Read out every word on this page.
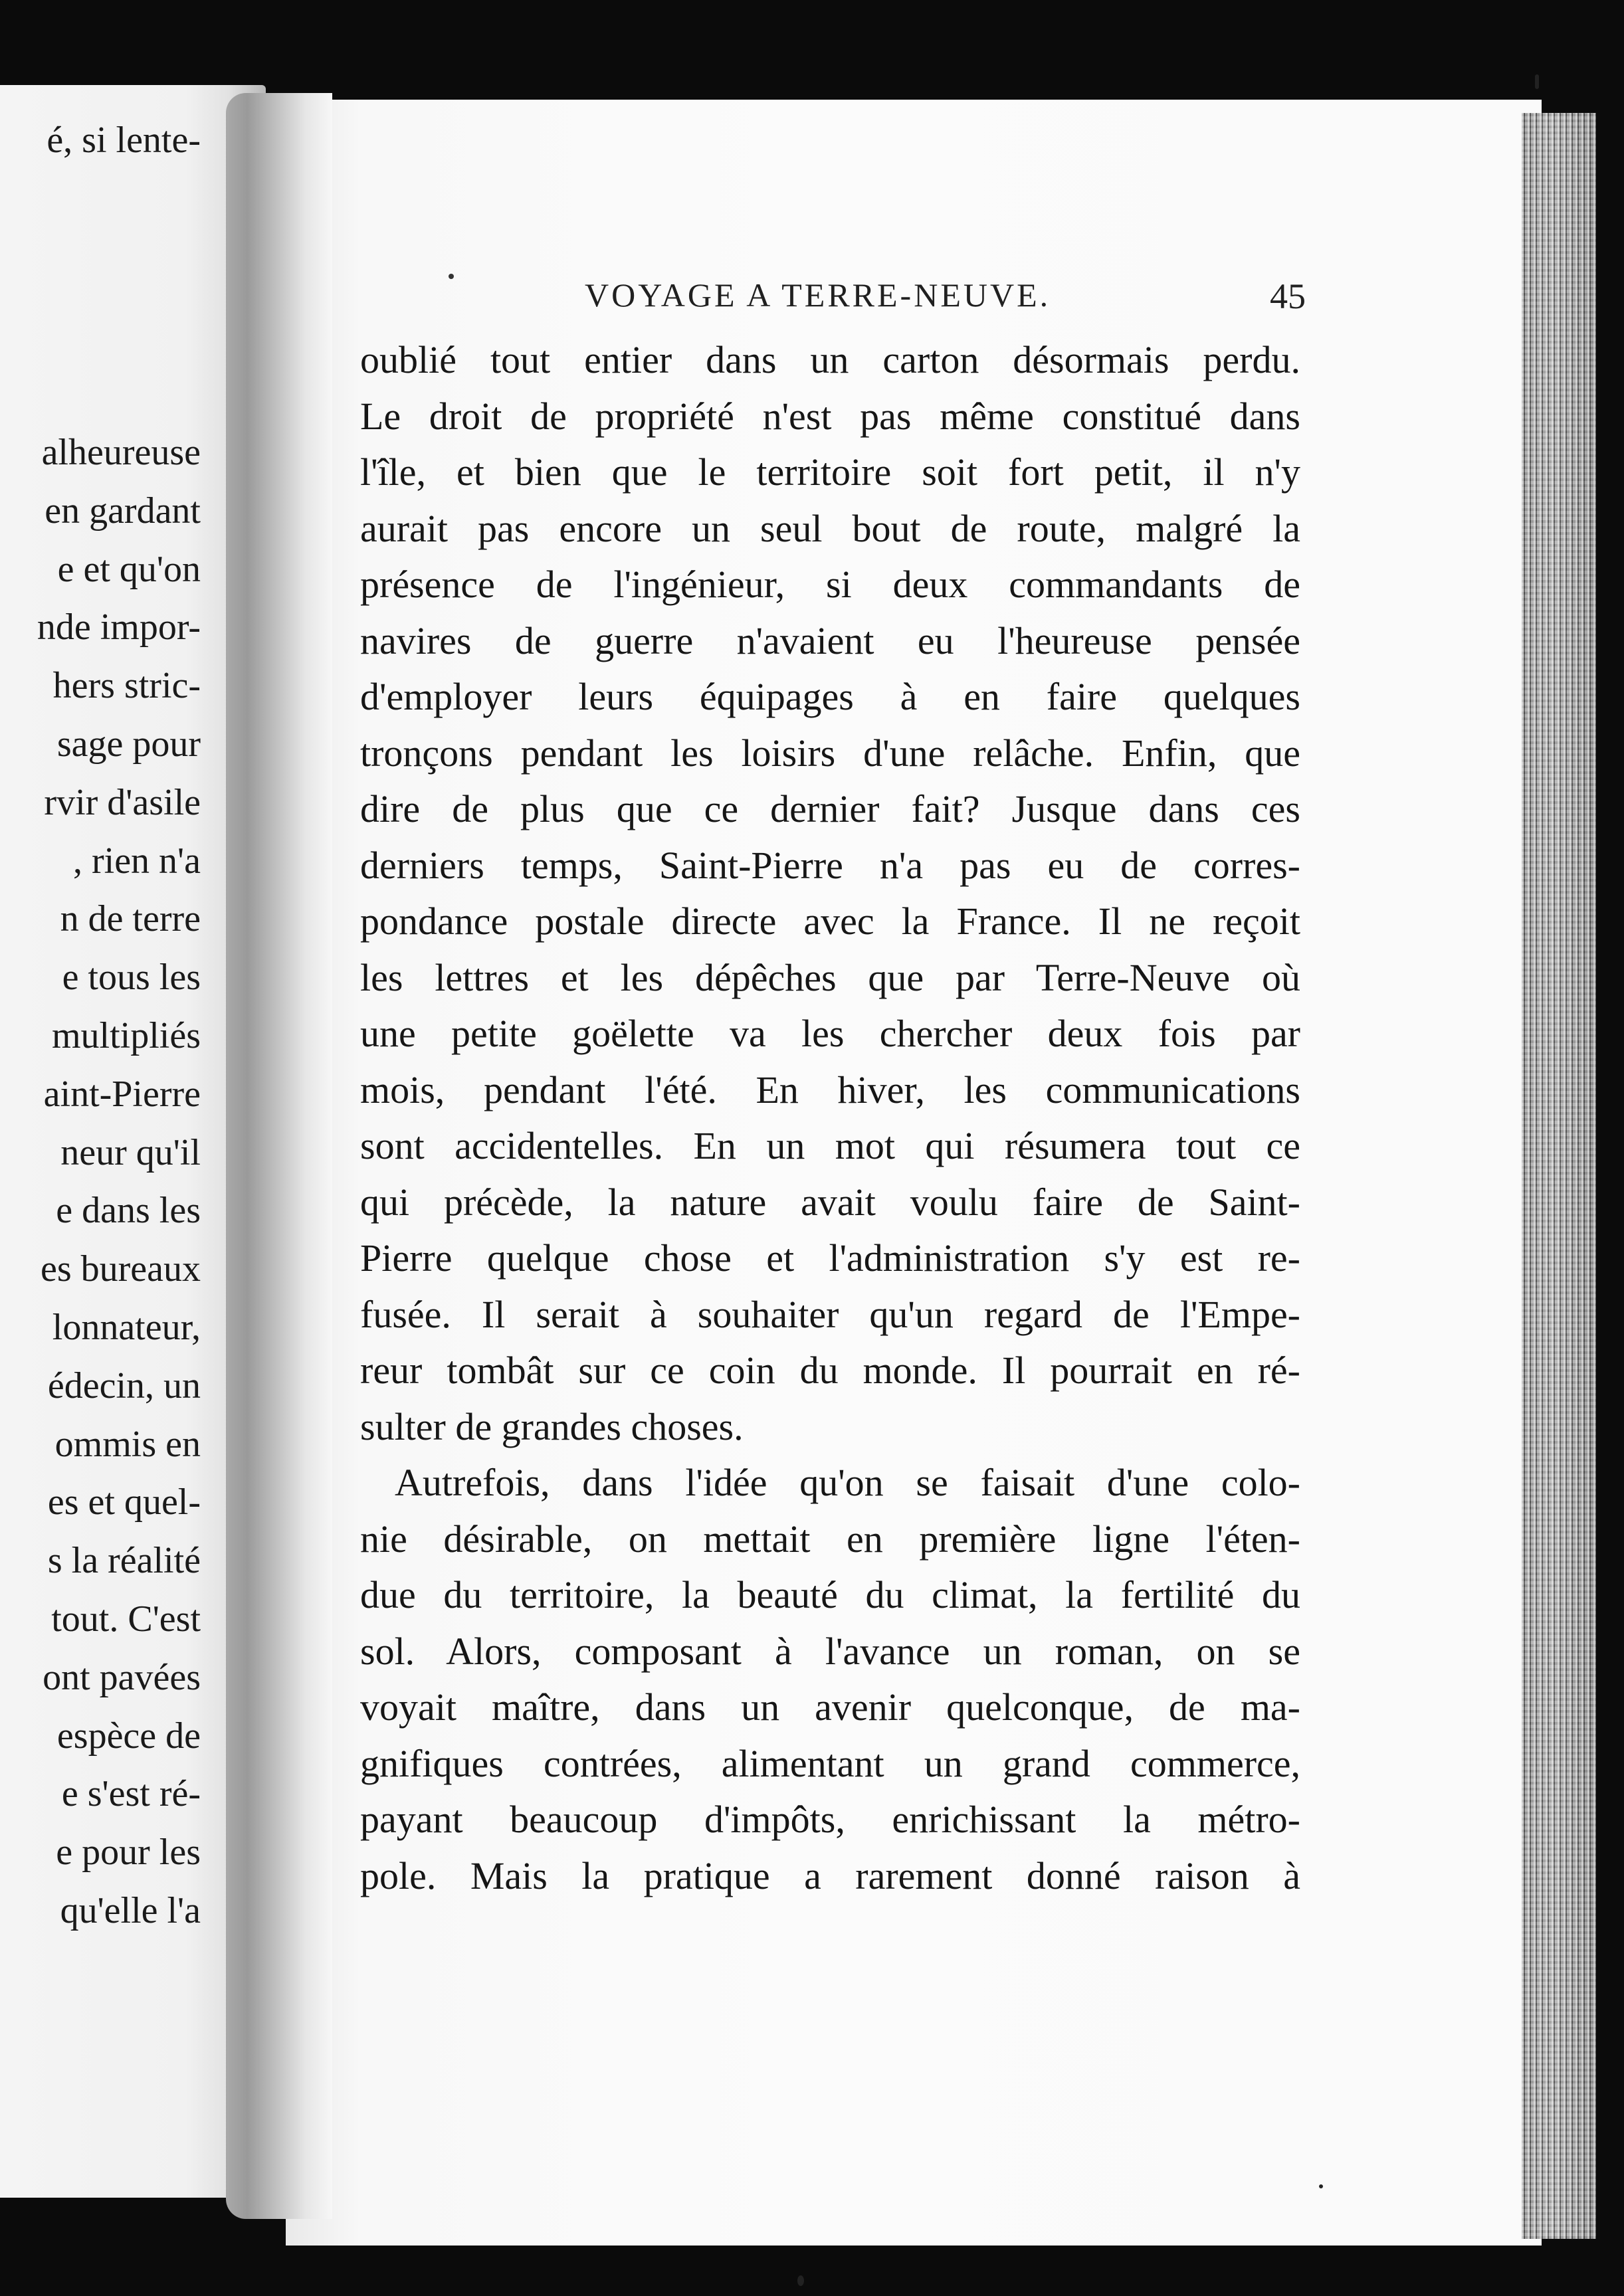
é, si lente-
alheureuse
en gardant
e et qu'on
nde impor-
hers stric-
sage pour
rvir d'asile
, rien n'a
n de terre
e tous les
multipliés
aint-Pierre
neur qu'il
e dans les
es bureaux
lonnateur,
édecin, un
ommis en
es et quel-
s la réalité
tout. C'est
ont pavées
espèce de
e s'est ré-
e pour les
qu'elle l'a
VOYAGE A TERRE-NEUVE.	45
oublié tout entier dans un carton désormais perdu.
Le droit de propriété n'est pas même constitué dans
l'île, et bien que le territoire soit fort petit, il n'y
aurait pas encore un seul bout de route, malgré la
présence de l'ingénieur, si deux commandants de
navires de guerre n'avaient eu l'heureuse pensée
d'employer leurs équipages à en faire quelques
tronçons pendant les loisirs d'une relâche. Enfin, que
dire de plus que ce dernier fait? Jusque dans ces
derniers temps, Saint-Pierre n'a pas eu de corres-
pondance postale directe avec la France. Il ne reçoit
les lettres et les dépêches que par Terre-Neuve où
une petite goëlette va les chercher deux fois par
mois, pendant l'été. En hiver, les communications
sont accidentelles. En un mot qui résumera tout ce
qui précède, la nature avait voulu faire de Saint-
Pierre quelque chose et l'administration s'y est re-
fusée. Il serait à souhaiter qu'un regard de l'Empe-
reur tombât sur ce coin du monde. Il pourrait en ré-
sulter de grandes choses.
Autrefois, dans l'idée qu'on se faisait d'une colo-
nie désirable, on mettait en première ligne l'éten-
due du territoire, la beauté du climat, la fertilité du
sol. Alors, composant à l'avance un roman, on se
voyait maître, dans un avenir quelconque, de ma-
gnifiques contrées, alimentant un grand commerce,
payant beaucoup d'impôts, enrichissant la métro-
pole. Mais la pratique a rarement donné raison à
